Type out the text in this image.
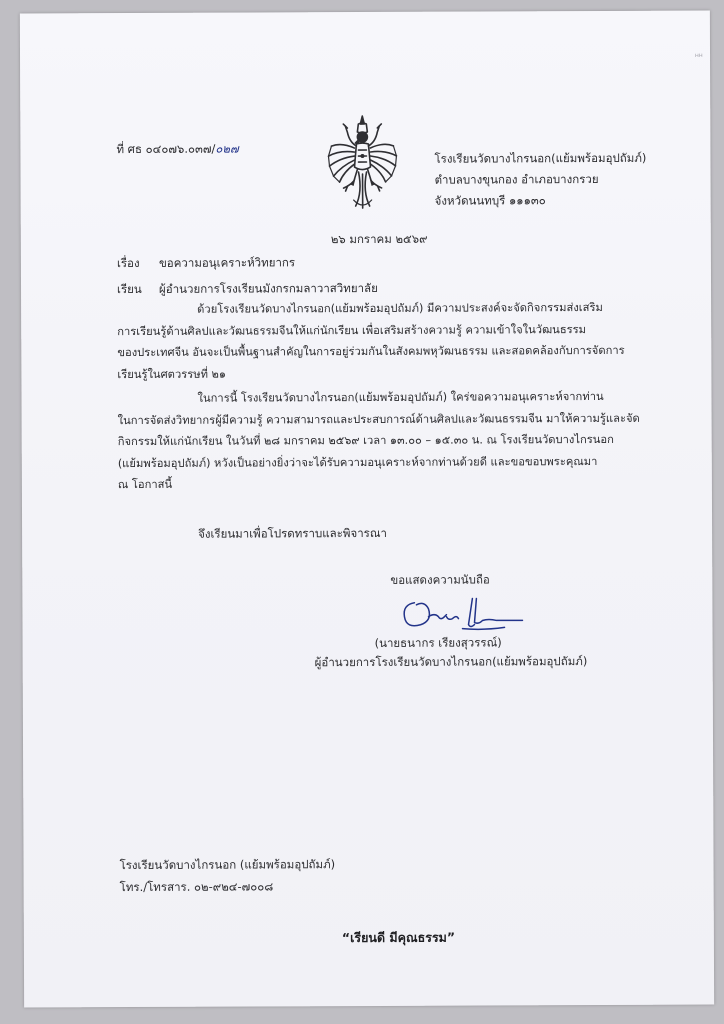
ᴴᴴ
ที่ ศธ ๐๔๐๗๖.๐๓๗/๐๒๗
โรงเรียนวัดบางไกรนอก(แย้มพร้อมอุปถัมภ์)
ตำบลบางขุนกอง อำเภอบางกรวย
จังหวัดนนทบุรี ๑๑๑๓๐
๒๖ มกราคม ๒๕๖๙
เรื่อง ขอความอนุเคราะห์วิทยากร
เรียน ผู้อำนวยการโรงเรียนมังกรกมลาวาสวิทยาลัย
ด้วยโรงเรียนวัดบางไกรนอก(แย้มพร้อมอุปถัมภ์) มีความประสงค์จะจัดกิจกรรมส่งเสริม
การเรียนรู้ด้านศิลปและวัฒนธรรมจีนให้แก่นักเรียน เพื่อเสริมสร้างความรู้ ความเข้าใจในวัฒนธรรม
ของประเทศจีน อันจะเป็นพื้นฐานสำคัญในการอยู่ร่วมกันในสังคมพหุวัฒนธรรม และสอดคล้องกับการจัดการ
เรียนรู้ในศตวรรษที่ ๒๑
ในการนี้ โรงเรียนวัดบางไกรนอก(แย้มพร้อมอุปถัมภ์) ใคร่ขอความอนุเคราะห์จากท่าน
ในการจัดส่งวิทยากรผู้มีความรู้ ความสามารถและประสบการณ์ด้านศิลปและวัฒนธรรมจีน มาให้ความรู้และจัด
กิจกรรมให้แก่นักเรียน ในวันที่ ๒๘ มกราคม ๒๕๖๙ เวลา ๑๓.๐๐ – ๑๕.๓๐ น. ณ โรงเรียนวัดบางไกรนอก
(แย้มพร้อมอุปถัมภ์) หวังเป็นอย่างยิ่งว่าจะได้รับความอนุเคราะห์จากท่านด้วยดี และขอขอบพระคุณมา
ณ โอกาสนี้
จึงเรียนมาเพื่อโปรดทราบและพิจารณา
ขอแสดงความนับถือ
(นายธนากร เรียงสุวรรณ์)
ผู้อำนวยการโรงเรียนวัดบางไกรนอก(แย้มพร้อมอุปถัมภ์)
โรงเรียนวัดบางไกรนอก (แย้มพร้อมอุปถัมภ์)
โทร./โทรสาร. ๐๒-๙๒๔-๗๐๐๘
“เรียนดี มีคุณธรรม”
